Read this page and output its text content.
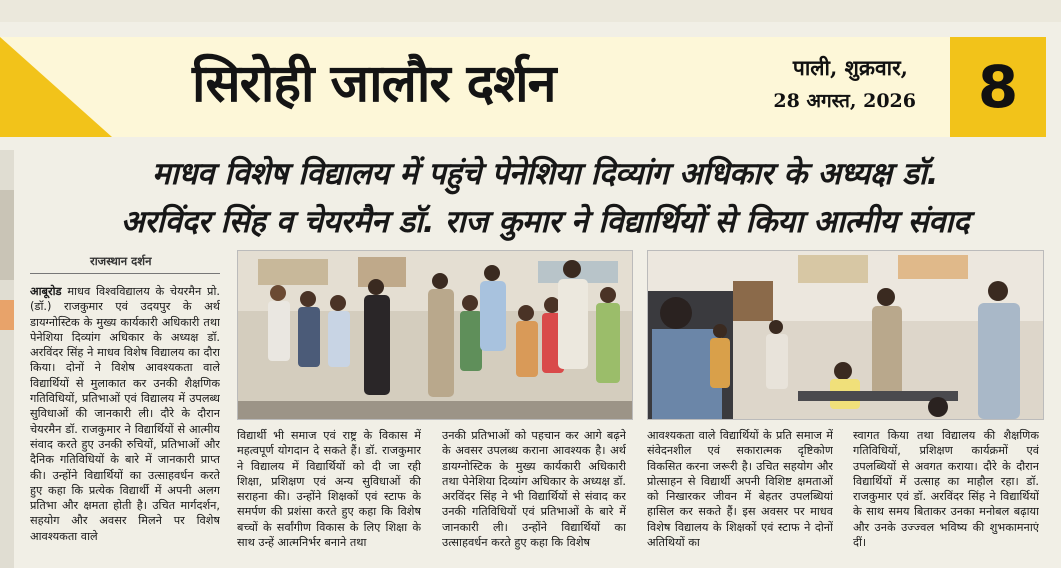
सिरोही जालौर दर्शन	पाली, शुक्रवार,
28 अगस्त, 2026 8
माधव विशेष विद्यालय में पहुंचे पेनेशिया दिव्यांग अधिकार के अध्यक्ष डॉ.
अरविंदर सिंह व चेयरमैन डॉ. राज कुमार ने विद्यार्थियों से किया आत्मीय संवाद
राजस्थान दर्शन
आबूरोड माधव विश्वविद्यालय के चेयरमैन प्रो. (डॉ.) राजकुमार एवं उदयपुर के अर्थ डायग्नोस्टिक के मुख्य कार्यकारी अधिकारी तथा पेनेशिया दिव्यांग अधिकार के अध्यक्ष डॉ. अरविंदर सिंह ने माधव विशेष विद्यालय का दौरा किया। दोनों ने विशेष आवश्यकता वाले विद्यार्थियों से मुलाकात कर उनकी शैक्षणिक गतिविधियों, प्रतिभाओं एवं विद्यालय में उपलब्ध सुविधाओं की जानकारी ली। दौरे के दौरान चेयरमैन डॉ. राजकुमार ने विद्यार्थियों से आत्मीय संवाद करते हुए उनकी रुचियों, प्रतिभाओं और दैनिक गतिविधियों के बारे में जानकारी प्राप्त की। उन्होंने विद्यार्थियों का उत्साहवर्धन करते हुए कहा कि प्रत्येक विद्यार्थी में अपनी अलग प्रतिभा और क्षमता होती है। उचित मार्गदर्शन, सहयोग और अवसर मिलने पर विशेष आवश्यकता वाले
विद्यार्थी भी समाज एवं राष्ट्र के विकास में महत्वपूर्ण योगदान दे सकते हैं। डॉ. राजकुमार ने विद्यालय में विद्यार्थियों को दी जा रही शिक्षा, प्रशिक्षण एवं अन्य सुविधाओं की सराहना की। उन्होंने शिक्षकों एवं स्टाफ के समर्पण की प्रशंसा करते हुए कहा कि विशेष बच्चों के सर्वांगीण विकास के लिए शिक्षा के साथ उन्हें आत्मनिर्भर बनाने तथा
उनकी प्रतिभाओं को पहचान कर आगे बढ़ने के अवसर उपलब्ध कराना आवश्यक है। अर्थ डायग्नोस्टिक के मुख्य कार्यकारी अधिकारी तथा पेनेशिया दिव्यांग अधिकार के अध्यक्ष डॉ. अरविंदर सिंह ने भी विद्यार्थियों से संवाद कर उनकी गतिविधियों एवं प्रतिभाओं के बारे में जानकारी ली। उन्होंने विद्यार्थियों का उत्साहवर्धन करते हुए कहा कि विशेष
आवश्यकता वाले विद्यार्थियों के प्रति समाज में संवेदनशील एवं सकारात्मक दृष्टिकोण विकसित करना जरूरी है। उचित सहयोग और प्रोत्साहन से विद्यार्थी अपनी विशिष्ट क्षमताओं को निखारकर जीवन में बेहतर उपलब्धियां हासिल कर सकते हैं। इस अवसर पर माधव विशेष विद्यालय के शिक्षकों एवं स्टाफ ने दोनों अतिथियों का
स्वागत किया तथा विद्यालय की शैक्षणिक गतिविधियों, प्रशिक्षण कार्यक्रमों एवं उपलब्धियों से अवगत कराया। दौरे के दौरान विद्यार्थियों में उत्साह का माहौल रहा। डॉ. राजकुमार एवं डॉ. अरविंदर सिंह ने विद्यार्थियों के साथ समय बिताकर उनका मनोबल बढ़ाया और उनके उज्ज्वल भविष्य की शुभकामनाएं दीं।
